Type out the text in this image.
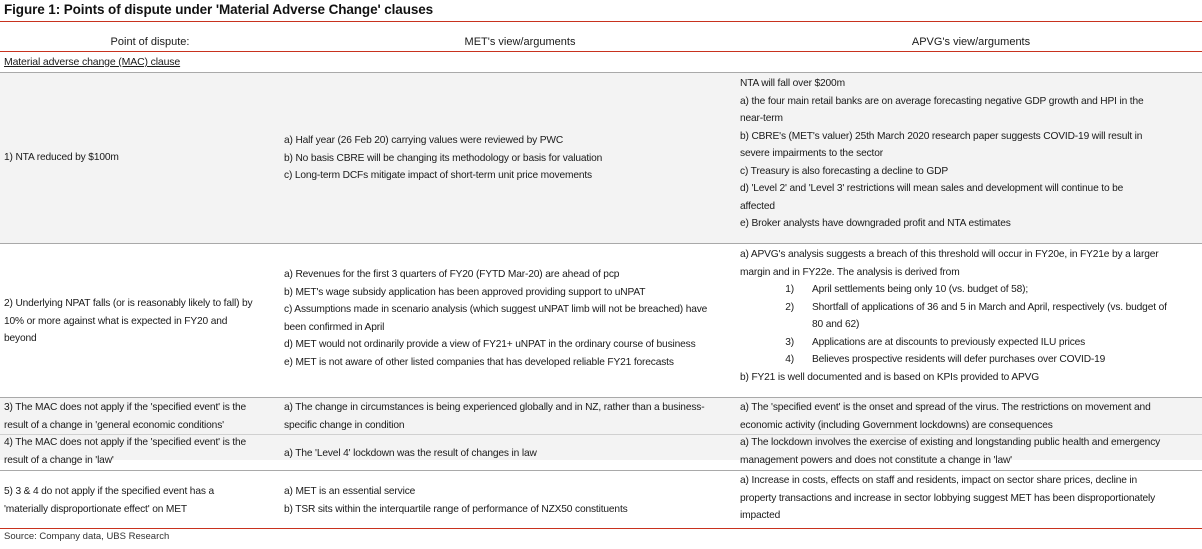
Figure 1: Points of dispute under 'Material Adverse Change' clauses
Point of dispute:	MET's view/arguments	APVG's view/arguments
Material adverse change (MAC) clause
1) NTA reduced by $100m
a) Half year (26 Feb 20) carrying values were reviewed by PWC
b) No basis CBRE will be changing its methodology or basis for valuation
c) Long-term DCFs mitigate impact of short-term unit price movements
NTA will fall over $200m
a) the four main retail banks are on average forecasting negative GDP growth and HPI in the
near-term
b) CBRE's (MET's valuer) 25th March 2020 research paper suggests COVID-19 will result in
severe impairments to the sector
c) Treasury is also forecasting a decline to GDP
d) 'Level 2' and 'Level 3' restrictions will mean sales and development will continue to be
affected
e) Broker analysts have downgraded profit and NTA estimates
2) Underlying NPAT falls (or is reasonably likely to fall) by
10% or more against what is expected in FY20 and
beyond
a) Revenues for the first 3 quarters of FY20 (FYTD Mar-20) are ahead of pcp
b) MET's wage subsidy application has been approved providing support to uNPAT
c) Assumptions made in scenario analysis (which suggest uNPAT limb will not be breached) have
been confirmed in April
d) MET would not ordinarily provide a view of FY21+ uNPAT in the ordinary course of business
e) MET is not aware of other listed companies that has developed reliable FY21 forecasts
a) APVG's analysis suggests a breach of this threshold will occur in FY20e, in FY21e by a larger
margin and in FY22e. The analysis is derived from
1) April settlements being only 10 (vs. budget of 58);
2) Shortfall of applications of 36 and 5 in March and April, respectively (vs. budget of
80 and 62)
3) Applications are at discounts to previously expected ILU prices
4) Believes prospective residents will defer purchases over COVID-19
b) FY21 is well documented and is based on KPIs provided to APVG
3) The MAC does not apply if the 'specified event' is the
result of a change in 'general economic conditions'
a) The change in circumstances is being experienced globally and in NZ, rather than a business-
specific change in condition
a) The 'specified event' is the onset and spread of the virus. The restrictions on movement and
economic activity (including Government lockdowns) are consequences
4) The MAC does not apply if the 'specified event' is the
result of a change in 'law'
a) The 'Level 4' lockdown was the result of changes in law
a) The lockdown involves the exercise of existing and longstanding public health and emergency
management powers and does not constitute a change in 'law'
5) 3 & 4 do not apply if the specified event has a
'materially disproportionate effect' on MET
a) MET is an essential service
b) TSR sits within the interquartile range of performance of NZX50 constituents
a) Increase in costs, effects on staff and residents, impact on sector share prices, decline in
property transactions and increase in sector lobbying suggest MET has been disproportionately
impacted
Source: Company data, UBS Research
